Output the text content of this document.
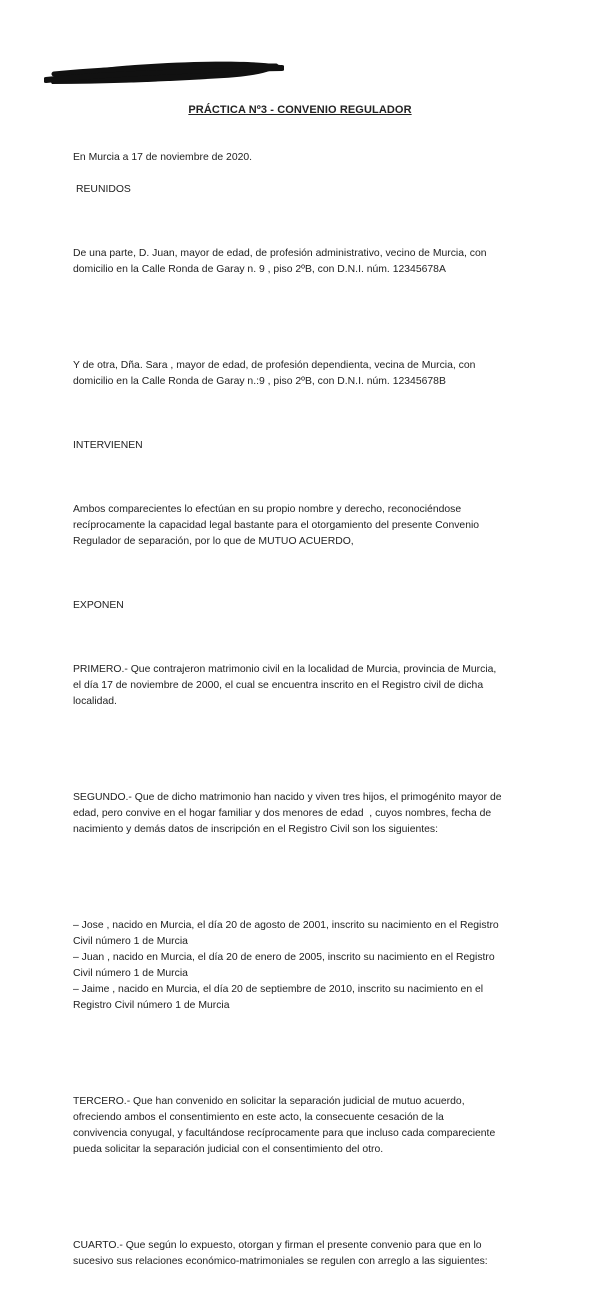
PRÁCTICA Nº3 - CONVENIO REGULADOR

En Murcia a 17 de noviembre de 2020.

REUNIDOS

De una parte, D. Juan, mayor de edad, de profesión administrativo, vecino de Murcia, con
domicilio en la Calle Ronda de Garay n. 9 , piso 2ºB, con D.N.I. núm. 12345678A

Y de otra, Dña. Sara , mayor de edad, de profesión dependienta, vecina de Murcia, con
domicilio en la Calle Ronda de Garay n.:9 , piso 2ºB, con D.N.I. núm. 12345678B

INTERVIENEN

Ambos comparecientes lo efectúan en su propio nombre y derecho, reconociéndose
recíprocamente la capacidad legal bastante para el otorgamiento del presente Convenio
Regulador de separación, por lo que de MUTUO ACUERDO,

EXPONEN

PRIMERO.- Que contrajeron matrimonio civil en la localidad de Murcia, provincia de Murcia,
el día 17 de noviembre de 2000, el cual se encuentra inscrito en el Registro civil de dicha
localidad.

SEGUNDO.- Que de dicho matrimonio han nacido y viven tres hijos, el primogénito mayor de
edad, pero convive en el hogar familiar y dos menores de edad  , cuyos nombres, fecha de
nacimiento y demás datos de inscripción en el Registro Civil son los siguientes:

– Jose , nacido en Murcia, el día 20 de agosto de 2001, inscrito su nacimiento en el Registro
Civil número 1 de Murcia
– Juan , nacido en Murcia, el día 20 de enero de 2005, inscrito su nacimiento en el Registro
Civil número 1 de Murcia
– Jaime , nacido en Murcia, el día 20 de septiembre de 2010, inscrito su nacimiento en el
Registro Civil número 1 de Murcia

TERCERO.- Que han convenido en solicitar la separación judicial de mutuo acuerdo,
ofreciendo ambos el consentimiento en este acto, la consecuente cesación de la
convivencia conyugal, y facultándose recíprocamente para que incluso cada compareciente
pueda solicitar la separación judicial con el consentimiento del otro.

CUARTO.- Que según lo expuesto, otorgan y firman el presente convenio para que en lo
sucesivo sus relaciones económico-matrimoniales se regulen con arreglo a las siguientes:
